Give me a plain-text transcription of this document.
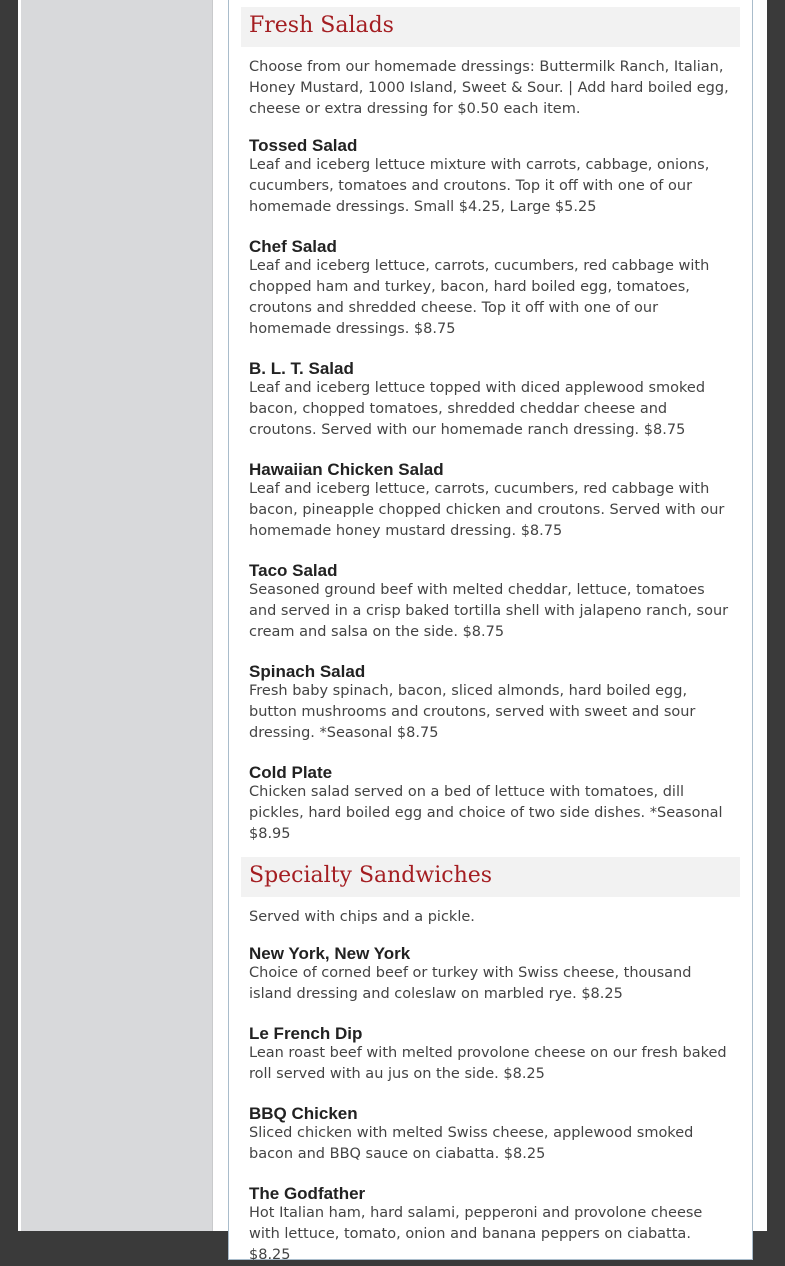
Fresh Salads

Choose from our homemade dressings: Buttermilk Ranch, Italian, Honey Mustard, 1000 Island, Sweet & Sour. | Add hard boiled egg, cheese or extra dressing for $0.50 each item.

Tossed Salad

Leaf and iceberg lettuce mixture with carrots, cabbage, onions, cucumbers, tomatoes and croutons. Top it off with one of our homemade dressings. Small $4.25, Large $5.25

Chef Salad

Leaf and iceberg lettuce, carrots, cucumbers, red cabbage with chopped ham and turkey, bacon, hard boiled egg, tomatoes, croutons and shredded cheese. Top it off with one of our homemade dressings. $8.75

B. L. T. Salad

Leaf and iceberg lettuce topped with diced applewood smoked bacon, chopped tomatoes, shredded cheddar cheese and croutons. Served with our homemade ranch dressing. $8.75

Hawaiian Chicken Salad

Leaf and iceberg lettuce, carrots, cucumbers, red cabbage with bacon, pineapple chopped chicken and croutons. Served with our homemade honey mustard dressing. $8.75

Taco Salad

Seasoned ground beef with melted cheddar, lettuce, tomatoes and served in a crisp baked tortilla shell with jalapeno ranch, sour cream and salsa on the side. $8.75

Spinach Salad

Fresh baby spinach, bacon, sliced almonds, hard boiled egg, button mushrooms and croutons, served with sweet and sour dressing. *Seasonal $8.75

Cold Plate

Chicken salad served on a bed of lettuce with tomatoes, dill pickles, hard boiled egg and choice of two side dishes. *Seasonal $8.95

Specialty Sandwiches

Served with chips and a pickle.

New York, New York

Choice of corned beef or turkey with Swiss cheese, thousand island dressing and coleslaw on marbled rye. $8.25

Le French Dip

Lean roast beef with melted provolone cheese on our fresh baked roll served with au jus on the side. $8.25

BBQ Chicken

Sliced chicken with melted Swiss cheese, applewood smoked bacon and BBQ sauce on ciabatta. $8.25

The Godfather

Hot Italian ham, hard salami, pepperoni and provolone cheese with lettuce, tomato, onion and banana peppers on ciabatta. $8.25
